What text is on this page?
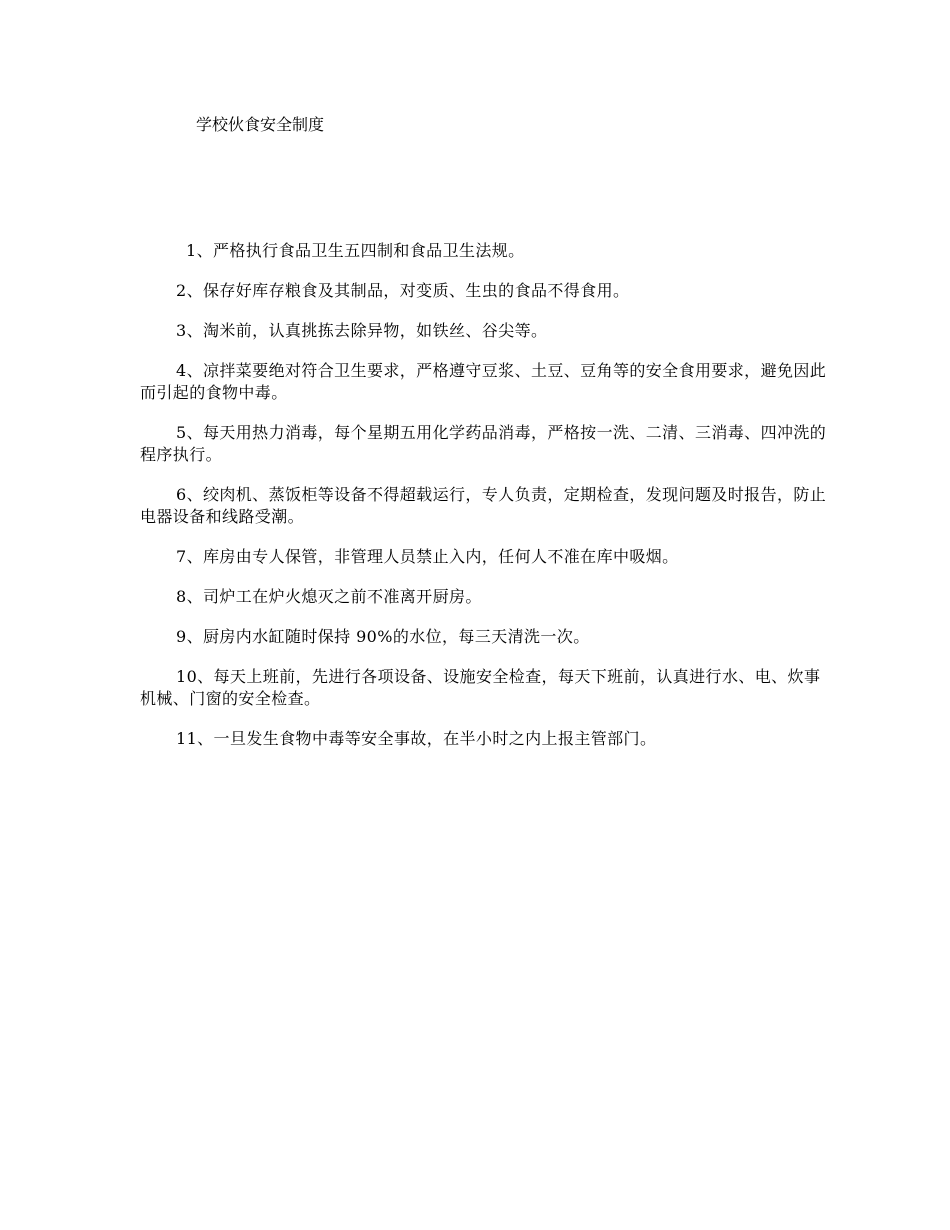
学校伙食安全制度

1、严格执行食品卫生五四制和食品卫生法规。

2、保存好库存粮食及其制品，对变质、生虫的食品不得食用。

3、淘米前，认真挑拣去除异物，如铁丝、谷尖等。

4、凉拌菜要绝对符合卫生要求，严格遵守豆浆、土豆、豆角等的安全食用要求，避免因此而引起的食物中毒。

5、每天用热力消毒，每个星期五用化学药品消毒，严格按一洗、二清、三消毒、四冲洗的程序执行。

6、绞肉机、蒸饭柜等设备不得超载运行，专人负责，定期检查，发现问题及时报告，防止电器设备和线路受潮。

7、库房由专人保管，非管理人员禁止入内，任何人不准在库中吸烟。

8、司炉工在炉火熄灭之前不准离开厨房。

9、厨房内水缸随时保持 90%的水位，每三天清洗一次。

10、每天上班前，先进行各项设备、设施安全检查，每天下班前，认真进行水、电、炊事机械、门窗的安全检查。

11、一旦发生食物中毒等安全事故，在半小时之内上报主管部门。
